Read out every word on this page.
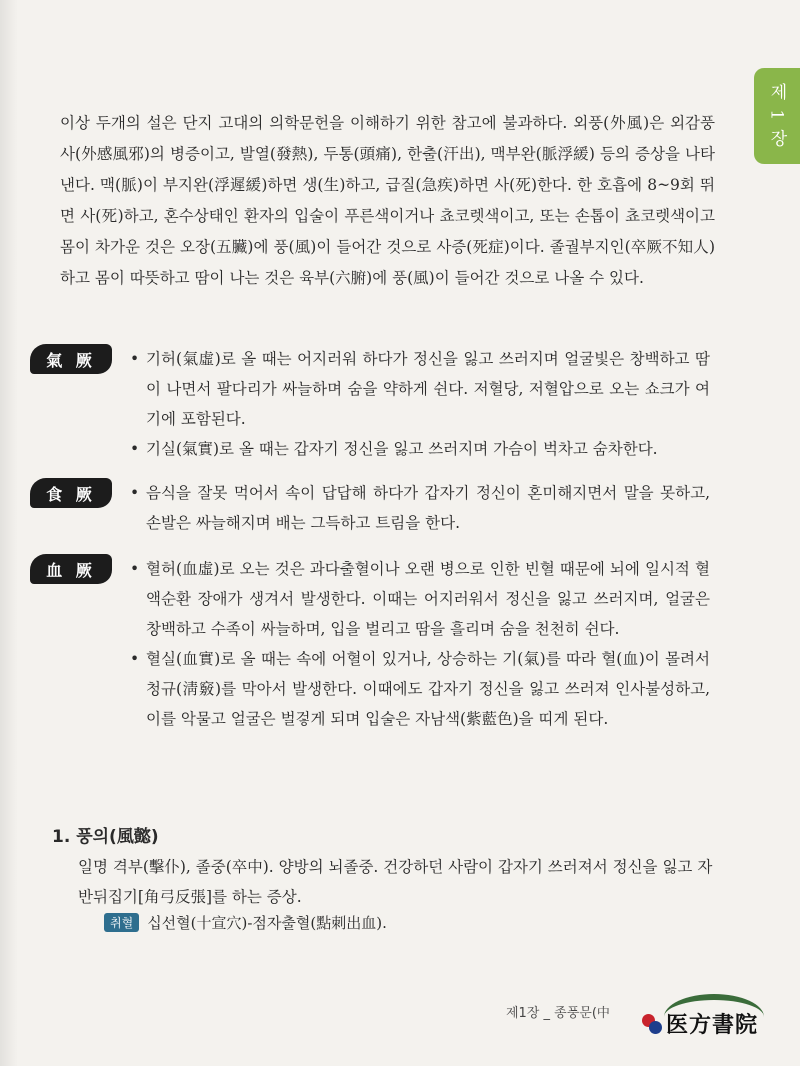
제 1 장

이상 두개의 설은 단지 고대의 의학문헌을 이해하기 위한 참고에 불과하다. 외풍(外風)은 외감풍사(外感風邪)의 병증이고, 발열(發熱), 두통(頭痛), 한출(汗出), 맥부완(脈浮緩) 등의 증상을 나타낸다. 맥(脈)이 부지완(浮遲緩)하면 생(生)하고, 급질(急疾)하면 사(死)한다. 한 호흡에 8~9회 뛰면 사(死)하고, 혼수상태인 환자의 입술이 푸른색이거나 쵸코렛색이고, 또는 손톱이 쵸코렛색이고 몸이 차가운 것은 오장(五臟)에 풍(風)이 들어간 것으로 사증(死症)이다. 졸궐부지인(卒厥不知人)하고 몸이 따뜻하고 땀이 나는 것은 육부(六腑)에 풍(風)이 들어간 것으로 나올 수 있다.

氣 厥	• 기허(氣虛)로 올 때는 어지러워 하다가 정신을 잃고 쓰러지며 얼굴빛은 창백하고 땀이 나면서 팔다리가 싸늘하며 숨을 약하게 쉰다. 저혈당, 저혈압으로 오는 쇼크가 여기에 포함된다.
• 기실(氣實)로 올 때는 갑자기 정신을 잃고 쓰러지며 가슴이 벅차고 숨차한다.
食 厥	• 음식을 잘못 먹어서 속이 답답해 하다가 갑자기 정신이 혼미해지면서 말을 못하고, 손발은 싸늘해지며 배는 그득하고 트림을 한다.
血 厥	• 혈허(血虛)로 오는 것은 과다출혈이나 오랜 병으로 인한 빈혈 때문에 뇌에 일시적 혈액순환 장애가 생겨서 발생한다. 이때는 어지러워서 정신을 잃고 쓰러지며, 얼굴은 창백하고 수족이 싸늘하며, 입을 벌리고 땀을 흘리며 숨을 천천히 쉰다.
• 혈실(血實)로 올 때는 속에 어혈이 있거나, 상승하는 기(氣)를 따라 혈(血)이 몰려서 청규(淸竅)를 막아서 발생한다. 이때에도 갑자기 정신을 잃고 쓰러져 인사불성하고, 이를 악물고 얼굴은 벌겋게 되며 입술은 자남색(紫藍色)을 띠게 된다.
1. 풍의(風懿)
일명 격부(擊仆), 졸중(卒中). 양방의 뇌졸중. 건강하던 사람이 갑자기 쓰러져서 정신을 잃고 자반뒤집기[角弓反張]를 하는 증상.
취혈 십선혈(十宣穴)-점자출혈(點刺出血).
제1장 _ 종풍문(中	医方書院
